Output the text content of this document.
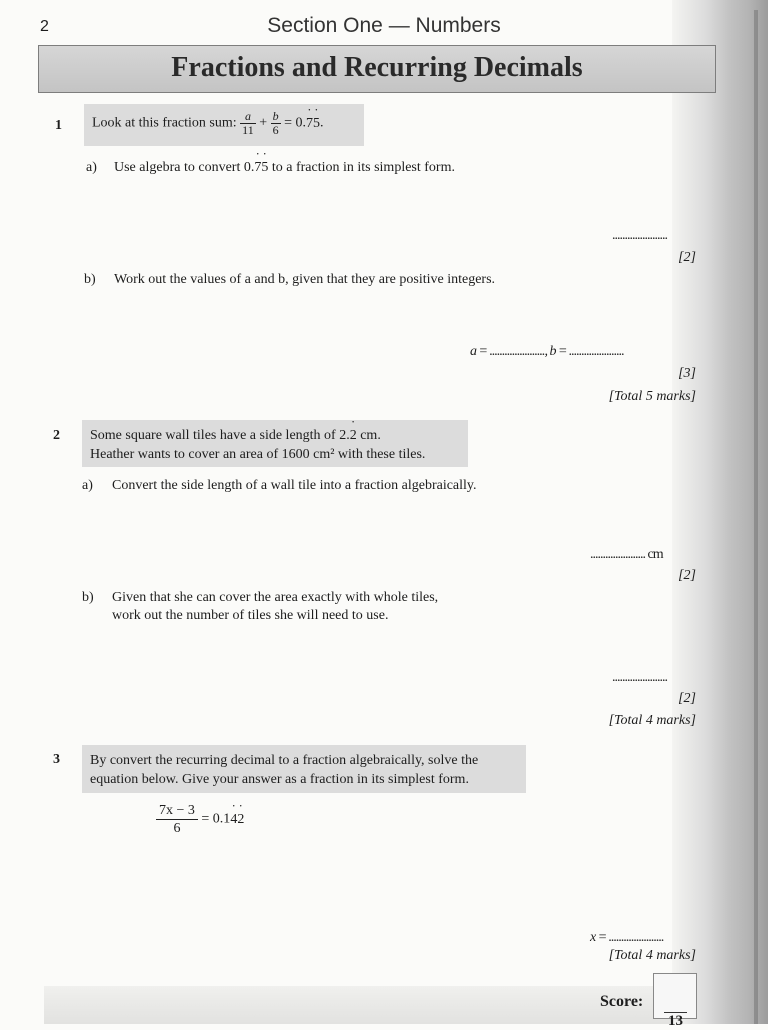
2	Section One — Numbers
Fractions and Recurring Decimals
1	Look at this fraction sum: $\frac{a}{11} + \frac{b}{6} = 0.7$ ˙5 ˙.
a) Use algebra to convert 0.7 ˙5 ˙ to a fraction in its simplest form.
......................
[2]
b) Work out the values of a and b, given that they are positive integers.
a = ......................, b = ......................
[3]
[Total 5 marks]
2 Some square wall tiles have a side length of 2.2 ˙ cm.
Heather wants to cover an area of 1600 cm² with these tiles.
a) Convert the side length of a wall tile into a fraction algebraically.
...................... cm
[2]
b) Given that she can cover the area exactly with whole tiles,
work out the number of tiles she will need to use.
......................
[2]
[Total 4 marks]
3 By convert the recurring decimal to a fraction algebraically, solve the
equation below. Give your answer as a fraction in its simplest form.
$\frac{7x - 3}{6} = 0.14$ ˙2 ˙
x = ......................
[Total 4 marks]
Score:
13
